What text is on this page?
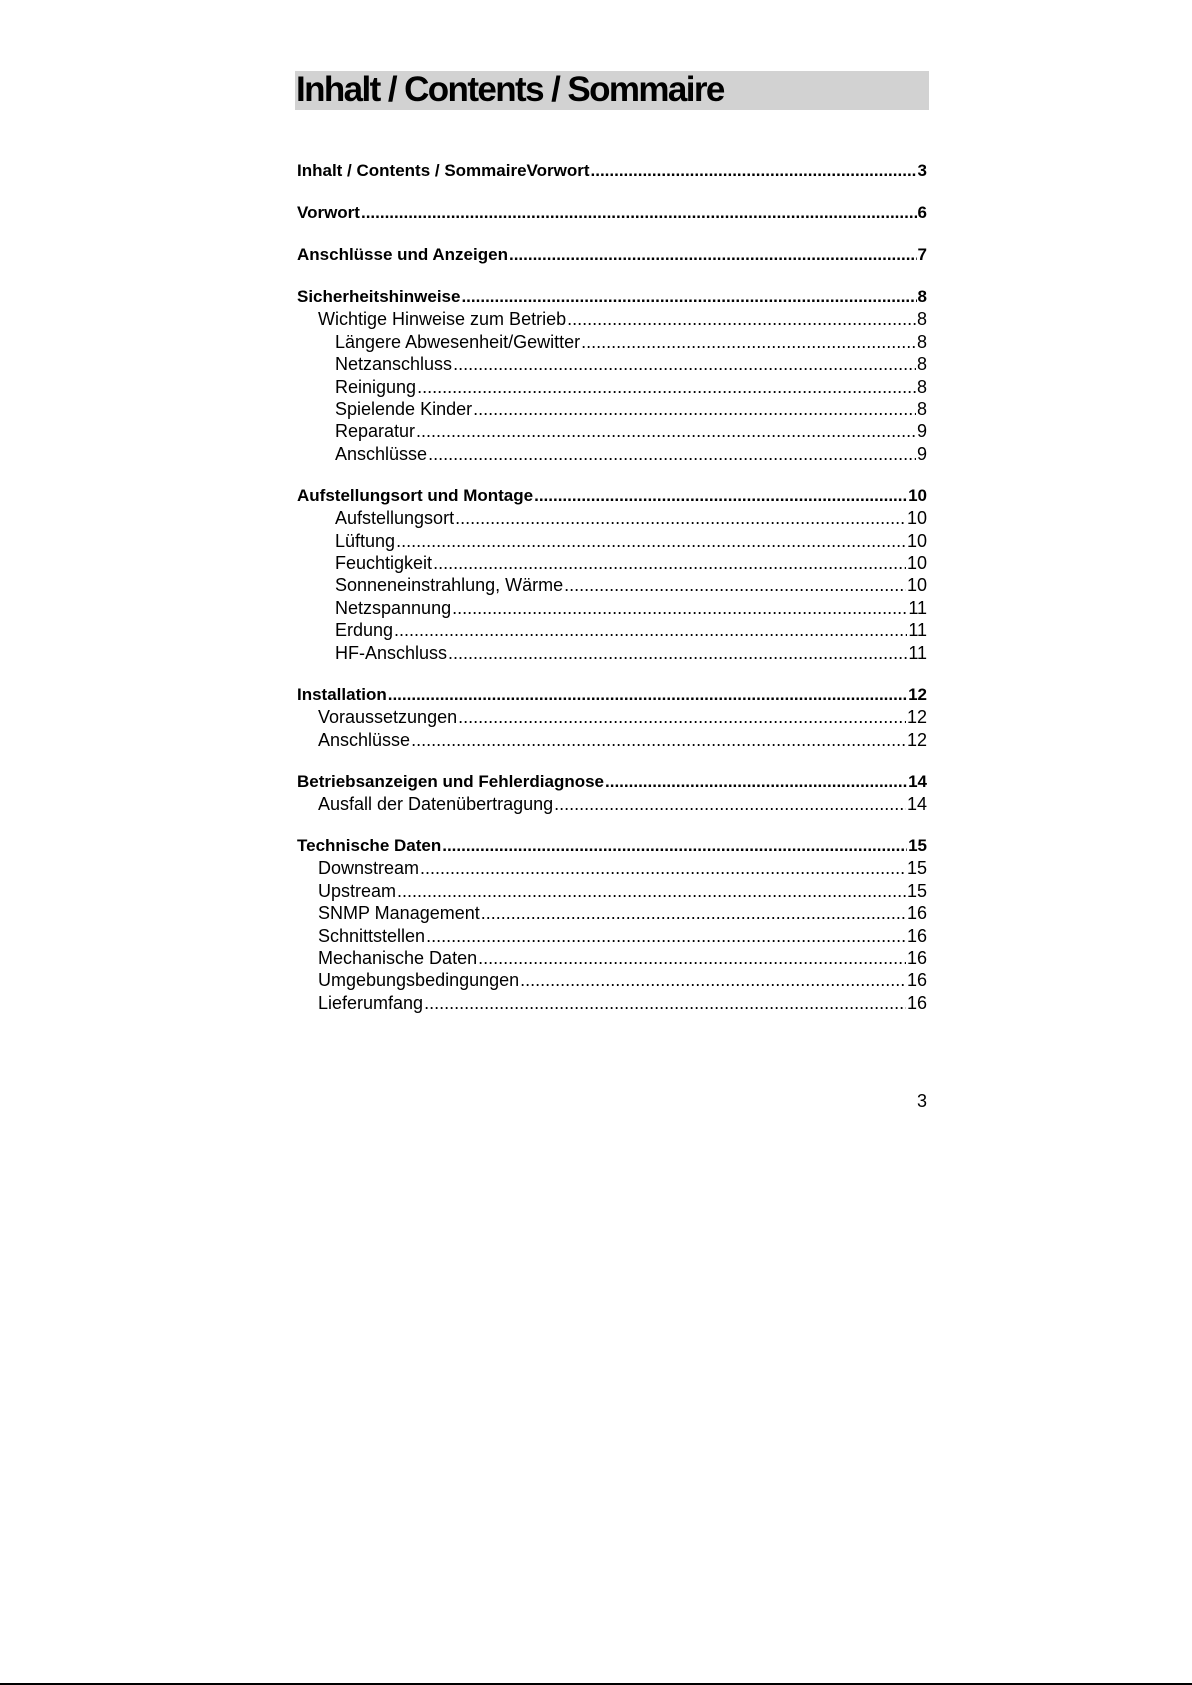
Inhalt / Contents / Sommaire
Inhalt / Contents / SommaireVorwort .....	3
Vorwort .....	6
Anschlüsse und Anzeigen .....	7
Sicherheitshinweise .....	8
Wichtige Hinweise zum Betrieb .....	8
Längere Abwesenheit/Gewitter .....	8
Netzanschluss .....	8
Reinigung .....	8
Spielende Kinder .....	8
Reparatur .....	9
Anschlüsse .....	9
Aufstellungsort und Montage .....	10
Aufstellungsort .....	10
Lüftung .....	10
Feuchtigkeit .....	10
Sonneneinstrahlung, Wärme .....	10
Netzspannung .....	11
Erdung .....	11
HF-Anschluss .....	11
Installation .....	12
Voraussetzungen .....	12
Anschlüsse .....	12
Betriebsanzeigen und Fehlerdiagnose .....	14
Ausfall der Datenübertragung .....	14
Technische Daten .....	15
Downstream .....	15
Upstream .....	15
SNMP Management .....	16
Schnittstellen .....	16
Mechanische Daten .....	16
Umgebungsbedingungen .....	16
Lieferumfang .....	16
3
